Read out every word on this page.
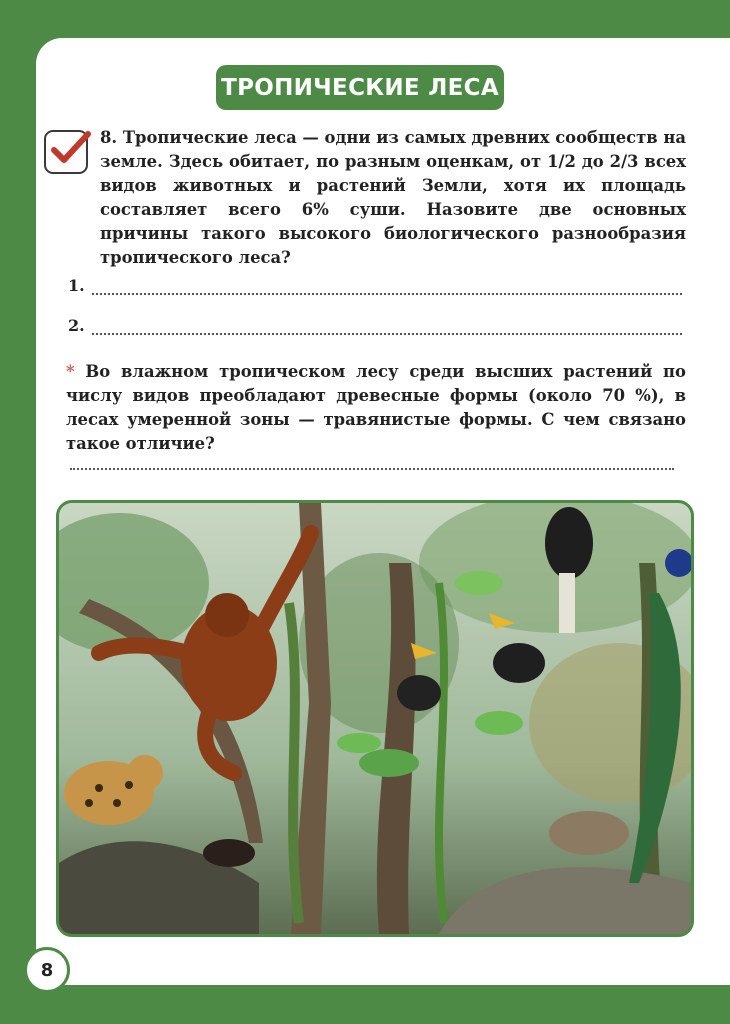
ТРОПИЧЕСКИЕ ЛЕСА

8. Тропические леса — одни из самых древних сообществ на земле. Здесь обитает, по разным оценкам, от 1/2 до 2/3 всех видов животных и растений Земли, хотя их площадь составляет всего 6% суши. Назовите две основных причины такого высокого биологического разнообразия тропического леса?

1.
2.

* Во влажном тропическом лесу среди высших растений по числу видов преобладают древесные формы (около 70 %), в лесах умеренной зоны — травянистые формы. С чем связано такое отличие?

8
